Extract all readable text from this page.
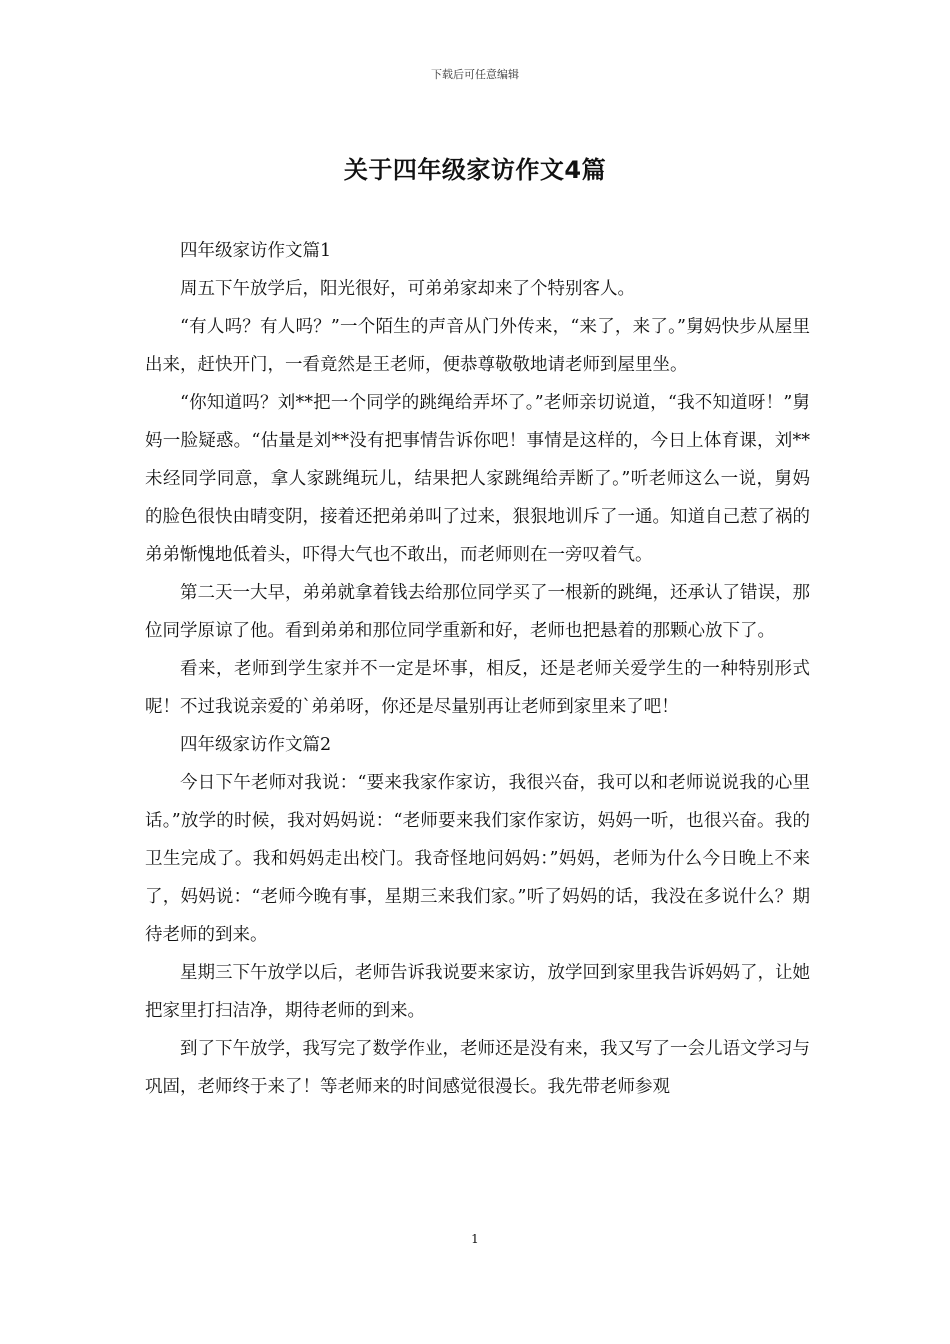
下载后可任意编辑
关于四年级家访作文4篇

四年级家访作文篇1

周五下午放学后，阳光很好，可弟弟家却来了个特别客人。

“有人吗？有人吗？”一个陌生的声音从门外传来，“来了，来了。”舅妈快步从屋里出来，赶快开门，一看竟然是王老师，便恭尊敬敬地请老师到屋里坐。

“你知道吗？刘**把一个同学的跳绳给弄坏了。”老师亲切说道，“我不知道呀！”舅妈一脸疑惑。“估量是刘**没有把事情告诉你吧！事情是这样的，今日上体育课，刘**未经同学同意，拿人家跳绳玩儿，结果把人家跳绳给弄断了。”听老师这么一说，舅妈的脸色很快由晴变阴，接着还把弟弟叫了过来，狠狠地训斥了一通。知道自己惹了祸的弟弟惭愧地低着头，吓得大气也不敢出，而老师则在一旁叹着气。

第二天一大早，弟弟就拿着钱去给那位同学买了一根新的跳绳，还承认了错误，那位同学原谅了他。看到弟弟和那位同学重新和好，老师也把悬着的那颗心放下了。

看来，老师到学生家并不一定是坏事，相反，还是老师关爱学生的一种特别形式呢！不过我说亲爱的`弟弟呀，你还是尽量别再让老师到家里来了吧！

四年级家访作文篇2

今日下午老师对我说：“要来我家作家访，我很兴奋，我可以和老师说说我的心里话。”放学的时候，我对妈妈说：“老师要来我们家作家访，妈妈一听，也很兴奋。我的卫生完成了。我和妈妈走出校门。我奇怪地问妈妈：”妈妈，老师为什么今日晚上不来了，妈妈说：“老师今晚有事，星期三来我们家。”听了妈妈的话，我没在多说什么？期待老师的到来。

星期三下午放学以后，老师告诉我说要来家访，放学回到家里我告诉妈妈了，让她把家里打扫洁净，期待老师的到来。

到了下午放学，我写完了数学作业，老师还是没有来，我又写了一会儿语文学习与巩固，老师终于来了！等老师来的时间感觉很漫长。我先带老师参观

1
